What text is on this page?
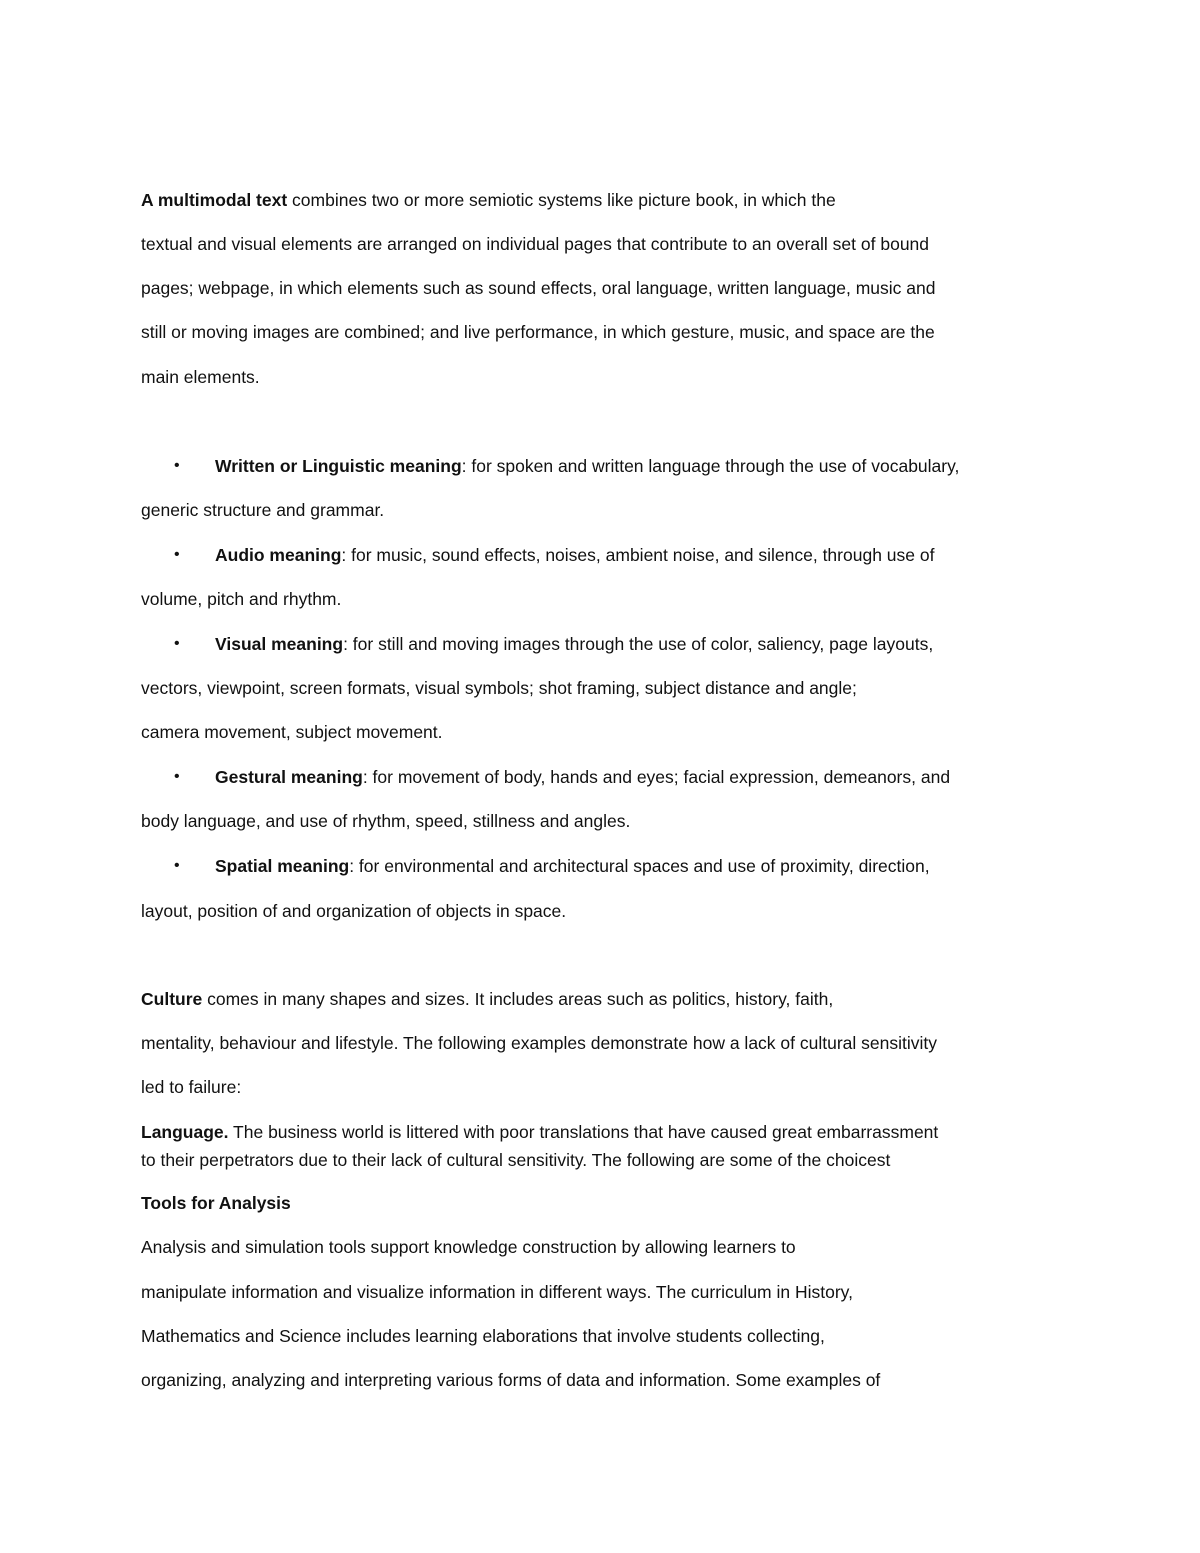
A multimodal text combines two or more semiotic systems like picture book, in which the

textual and visual elements are arranged on individual pages that contribute to an overall set of bound

pages; webpage, in which elements such as sound effects, oral language, written language, music and

still or moving images are combined; and live performance, in which gesture, music, and space are the

main elements.

• Written or Linguistic meaning: for spoken and written language through the use of vocabulary,

generic structure and grammar.

• Audio meaning: for music, sound effects, noises, ambient noise, and silence, through use of

volume, pitch and rhythm.

• Visual meaning: for still and moving images through the use of color, saliency, page layouts,

vectors, viewpoint, screen formats, visual symbols; shot framing, subject distance and angle;

camera movement, subject movement.

• Gestural meaning: for movement of body, hands and eyes; facial expression, demeanors, and

body language, and use of rhythm, speed, stillness and angles.

• Spatial meaning: for environmental and architectural spaces and use of proximity, direction,

layout, position of and organization of objects in space.

Culture comes in many shapes and sizes. It includes areas such as politics, history, faith,

mentality, behaviour and lifestyle. The following examples demonstrate how a lack of cultural sensitivity

led to failure:

Language. The business world is littered with poor translations that have caused great embarrassment

to their perpetrators due to their lack of cultural sensitivity. The following are some of the choicest

Tools for Analysis

Analysis and simulation tools support knowledge construction by allowing learners to

manipulate information and visualize information in different ways. The curriculum in History,

Mathematics and Science includes learning elaborations that involve students collecting,

organizing, analyzing and interpreting various forms of data and information. Some examples of
